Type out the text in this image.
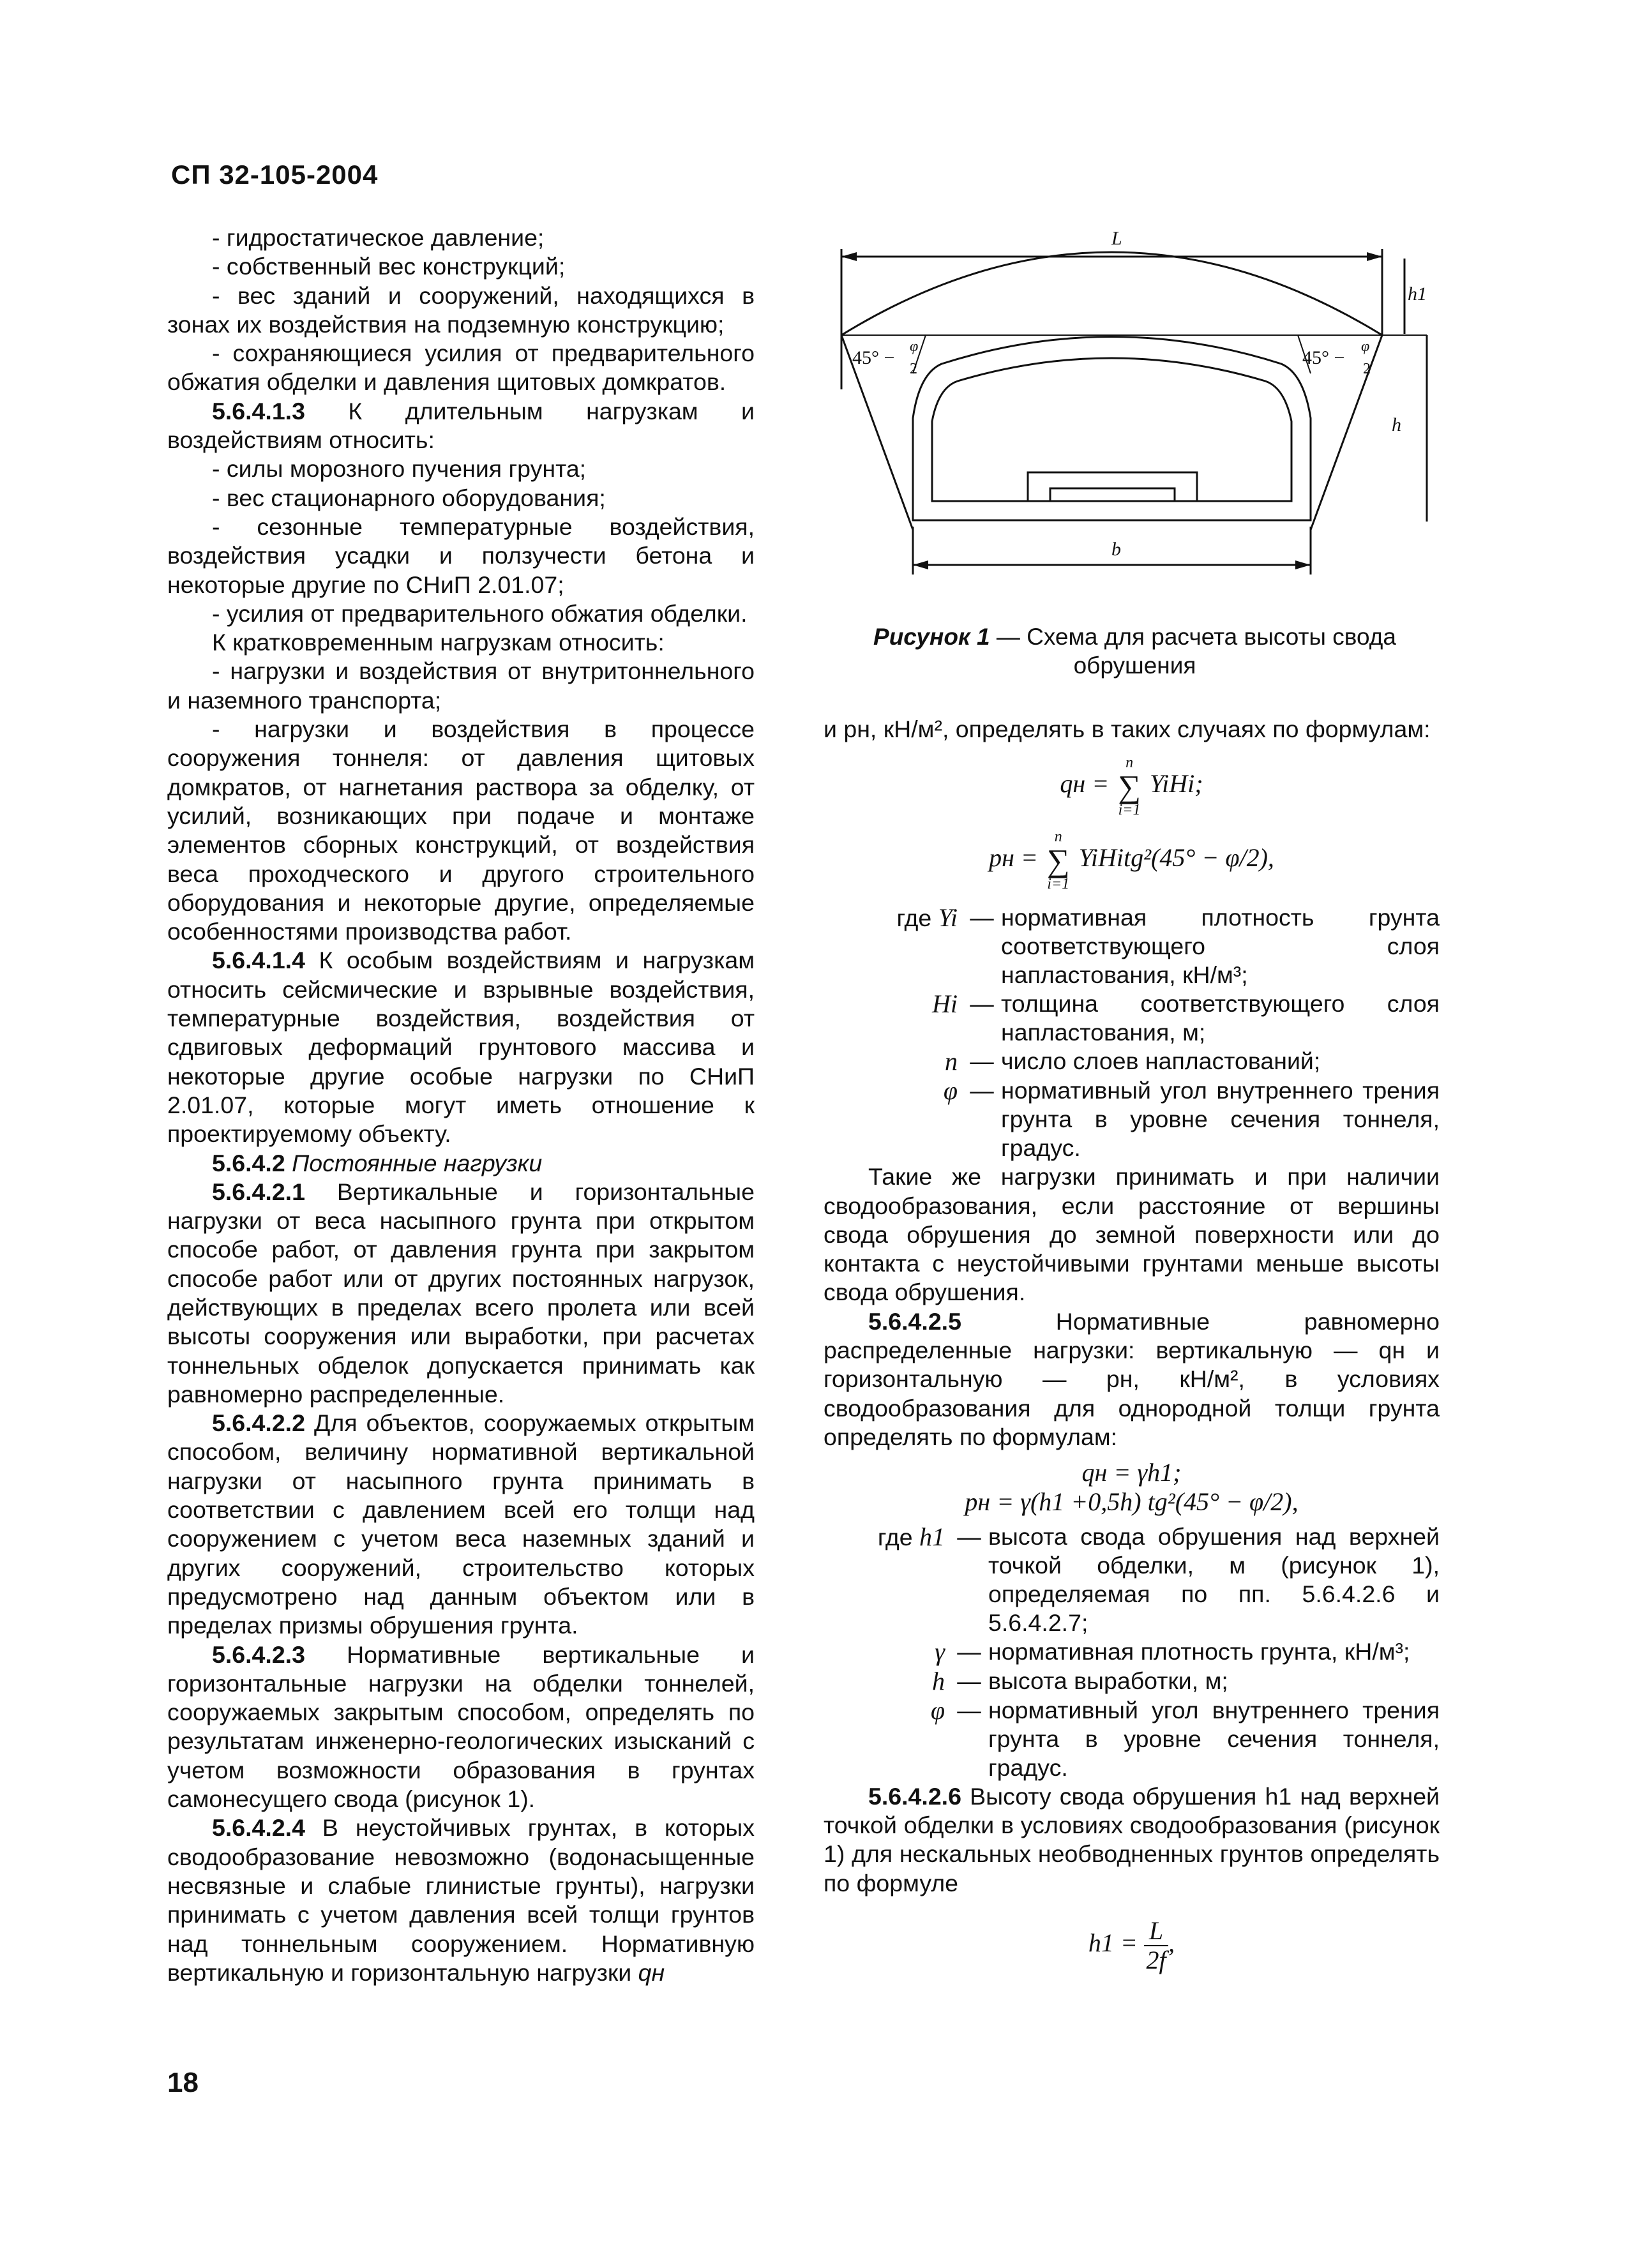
СП 32-105-2004

- гидростатическое давление;

- собственный вес конструкций;

- вес зданий и сооружений, находящихся в зонах их воздействия на подземную конструкцию;

- сохраняющиеся усилия от предварительного обжатия обделки и давления щитовых домкратов.

5.6.4.1.3 К длительным нагрузкам и воздействиям относить:

- силы морозного пучения грунта;

- вес стационарного оборудования;

- сезонные температурные воздействия, воздействия усадки и ползучести бетона и некоторые другие по СНиП 2.01.07;

- усилия от предварительного обжатия обделки.

К кратковременным нагрузкам относить:

- нагрузки и воздействия от внутритоннельного и наземного транспорта;

- нагрузки и воздействия в процессе сооружения тоннеля: от давления щитовых домкратов, от нагнетания раствора за обделку, от усилий, возникающих при подаче и монтаже элементов сборных конструкций, от воздействия веса проходческого и другого строительного оборудования и некоторые другие, определяемые особенностями производства работ.

5.6.4.1.4 К особым воздействиям и нагрузкам относить сейсмические и взрывные воздействия, температурные воздействия, воздействия от сдвиговых деформаций грунтового массива и некоторые другие особые нагрузки по СНиП 2.01.07, которые могут иметь отношение к проектируемому объекту.

5.6.4.2 Постоянные нагрузки

5.6.4.2.1 Вертикальные и горизонтальные нагрузки от веса насыпного грунта при открытом способе работ, от давления грунта при закрытом способе работ или от других постоянных нагрузок, действующих в пределах всего пролета или всей высоты сооружения или выработки, при расчетах тоннельных обделок допускается принимать как равномерно распределенные.

5.6.4.2.2 Для объектов, сооружаемых открытым способом, величину нормативной вертикальной нагрузки от насыпного грунта принимать в соответствии с давлением всей его толщи над сооружением с учетом веса наземных зданий и других сооружений, строительство которых предусмотрено над данным объектом или в пределах призмы обрушения грунта.

5.6.4.2.3 Нормативные вертикальные и горизонтальные нагрузки на обделки тоннелей, сооружаемых закрытым способом, определять по результатам инженерно-геологических изысканий с учетом возможности образования в грунтах самонесущего свода (рисунок 1).

5.6.4.2.4 В неустойчивых грунтах, в которых сводообразование невозможно (водонасыщенные несвязные и слабые глинистые грунты), нагрузки принимать с учетом давления всей толщи грунтов над тоннельным сооружением. Нормативную вертикальную и горизонтальную нагрузки qн

L
h1
h
b
45° −
φ
2
45° −
φ
2
Рисунок 1 — Схема для расчета высоты свода обрушения

и pн, кН/м², определять в таких случаях по формулам:

qн =
n
∑
i=1
YiHi;
pн =
n
∑
i=1
YiHitg²(45° − φ/2),
где Yi	—	нормативная плотность грунта соответствующего слоя напластования, кН/м³;
Hi	—	толщина соответствующего слоя напластования, м;
n	—	число слоев напластований;
φ	—	нормативный угол внутреннего трения грунта в уровне сечения тоннеля, градус.

Такие же нагрузки принимать и при наличии сводообразования, если расстояние от вершины свода обрушения до земной поверхности или до контакта с неустойчивыми грунтами меньше высоты свода обрушения.

5.6.4.2.5 Нормативные равномерно распределенные нагрузки: вертикальную — qн и горизонтальную — pн, кН/м², в условиях сводообразования для однородной толщи грунта определять по формулам:

qн = γh1;
pн = γ(h1 +0,5h) tg²(45° − φ/2),
где h1	—	высота свода обрушения над верхней точкой обделки, м (рисунок 1), определяемая по пп. 5.6.4.2.6 и 5.6.4.2.7;
γ	—	нормативная плотность грунта, кН/м³;
h	—	высота выработки, м;
φ	—	нормативный угол внутреннего трения грунта в уровне сечения тоннеля, градус.

5.6.4.2.6 Высоту свода обрушения h1 над верхней точкой обделки в условиях сводообразования (рисунок 1) для нескальных необводненных грунтов определять по формуле

$h1 = \frac{L}{2f}$ ,
18
